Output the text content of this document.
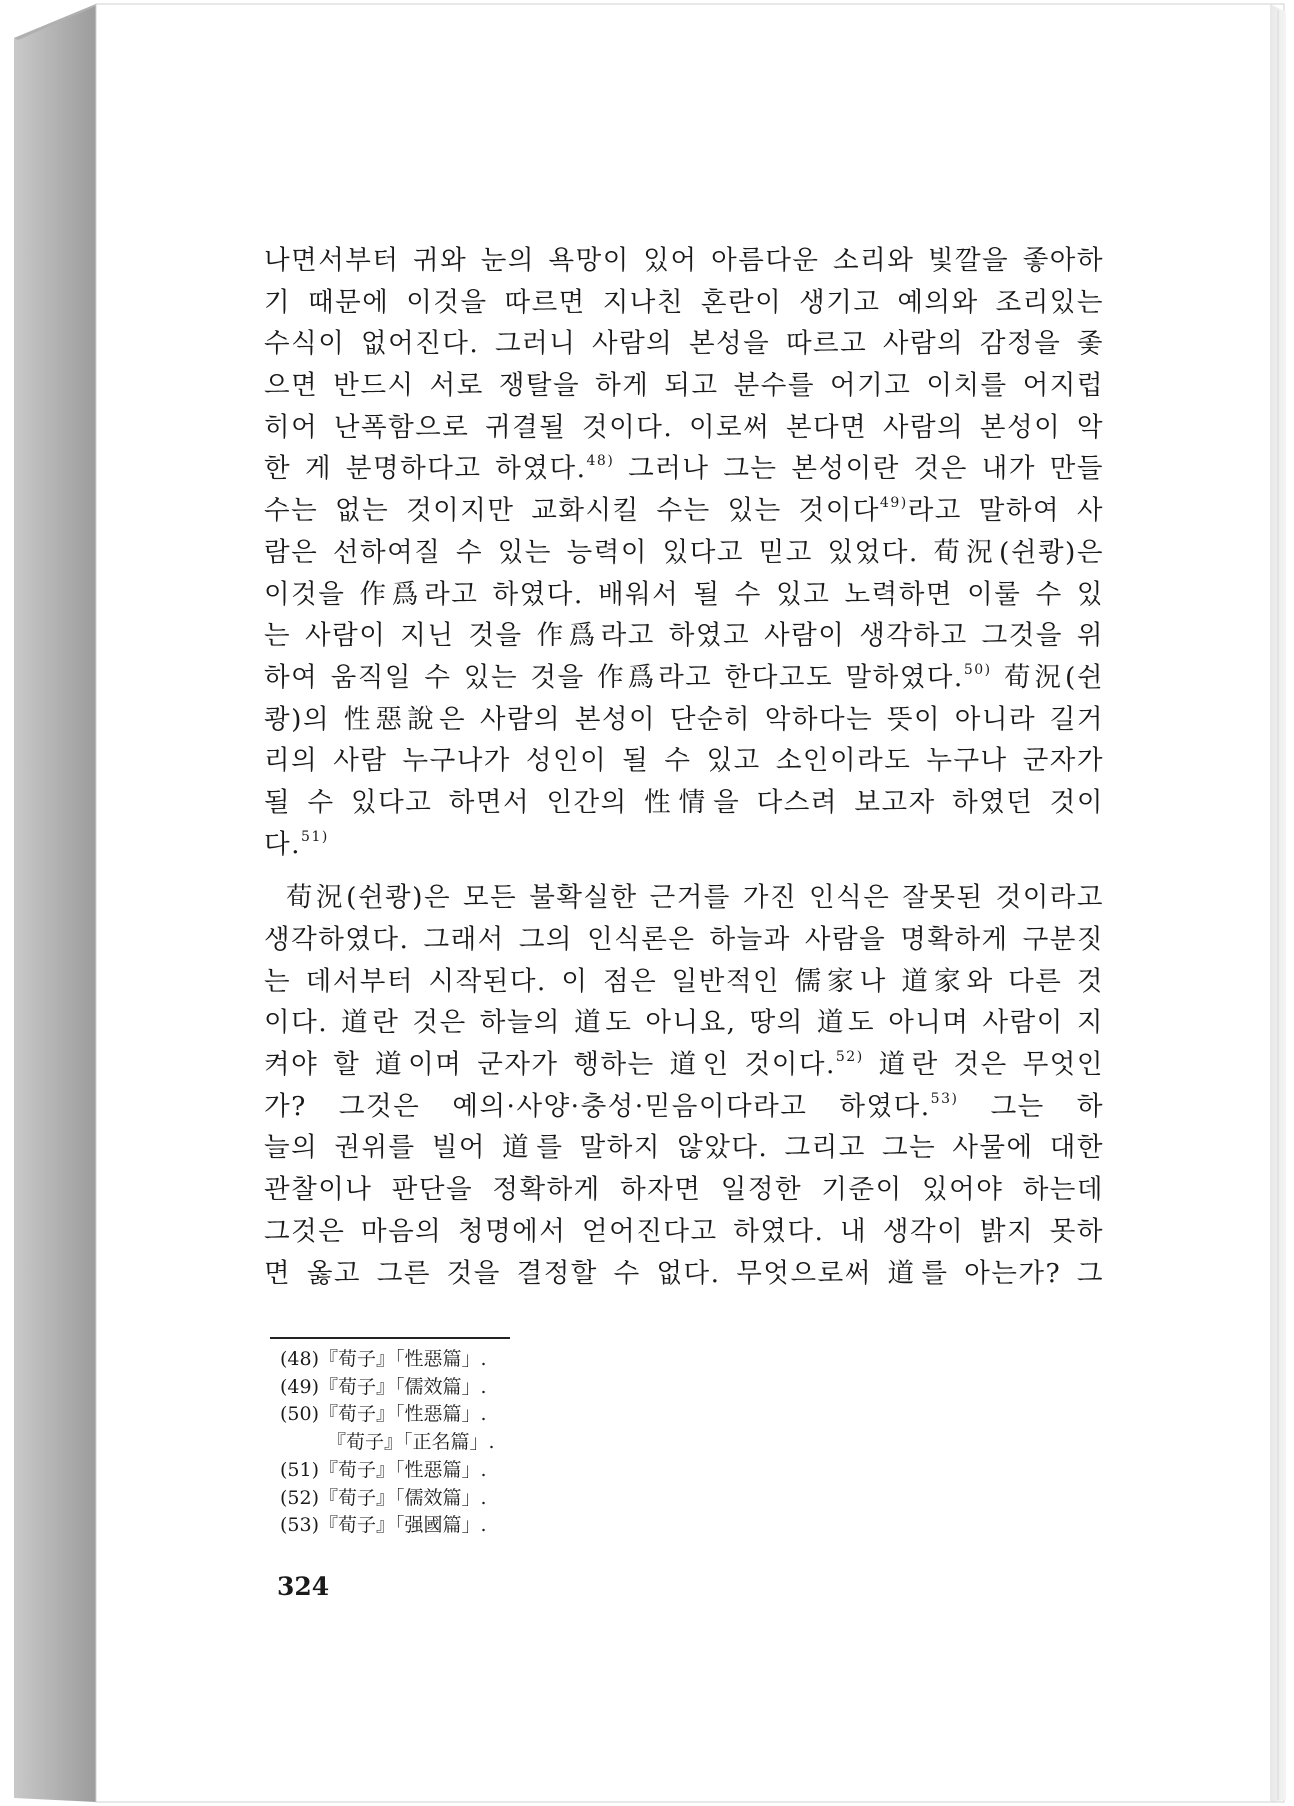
나면서부터 귀와 눈의 욕망이 있어 아름다운 소리와 빛깔을 좋아하
기 때문에 이것을 따르면 지나친 혼란이 생기고 예의와 조리있는
수식이 없어진다. 그러니 사람의 본성을 따르고 사람의 감정을 좇
으면 반드시 서로 쟁탈을 하게 되고 분수를 어기고 이치를 어지럽
히어 난폭함으로 귀결될 것이다. 이로써 본다면 사람의 본성이 악
한 게 분명하다고 하였다.$^{48)}$ 그러나 그는 본성이란 것은 내가 만들
수는 없는 것이지만 교화시킬 수는 있는 것이다$^{49)}$라고 말하여 사
람은 선하여질 수 있는 능력이 있다고 믿고 있었다. 荀況(쉰쾅)은
이것을 作爲라고 하였다. 배워서 될 수 있고 노력하면 이룰 수 있
는 사람이 지닌 것을 作爲라고 하였고 사람이 생각하고 그것을 위
하여 움직일 수 있는 것을 作爲라고 한다고도 말하였다.$^{50)}$ 荀況(쉰
쾅)의 性惡說은 사람의 본성이 단순히 악하다는 뜻이 아니라 길거
리의 사람 누구나가 성인이 될 수 있고 소인이라도 누구나 군자가
될 수 있다고 하면서 인간의 性情을 다스려 보고자 하였던 것이
다.$^{51)}$
荀況(쉰쾅)은 모든 불확실한 근거를 가진 인식은 잘못된 것이라고
생각하였다. 그래서 그의 인식론은 하늘과 사람을 명확하게 구분짓
는 데서부터 시작된다. 이 점은 일반적인 儒家나 道家와 다른 것
이다. 道란 것은 하늘의 道도 아니요, 땅의 道도 아니며 사람이 지
켜야 할 道이며 군자가 행하는 道인 것이다.$^{52)}$ 道란 것은 무엇인
가? 그것은 예의·사양·충성·믿음이다라고 하였다.$^{53)}$ 그는 하
늘의 권위를 빌어 道를 말하지 않았다. 그리고 그는 사물에 대한
관찰이나 판단을 정확하게 하자면 일정한 기준이 있어야 하는데
그것은 마음의 청명에서 얻어진다고 하였다. 내 생각이 밝지 못하
면 옳고 그른 것을 결정할 수 없다. 무엇으로써 道를 아는가? 그
(48)『荀子』「性惡篇」.
(49)『荀子』「儒效篇」.
(50)『荀子』「性惡篇」.
『荀子』「正名篇」.
(51)『荀子』「性惡篇」.
(52)『荀子』「儒效篇」.
(53)『荀子』「强國篇」.
324
